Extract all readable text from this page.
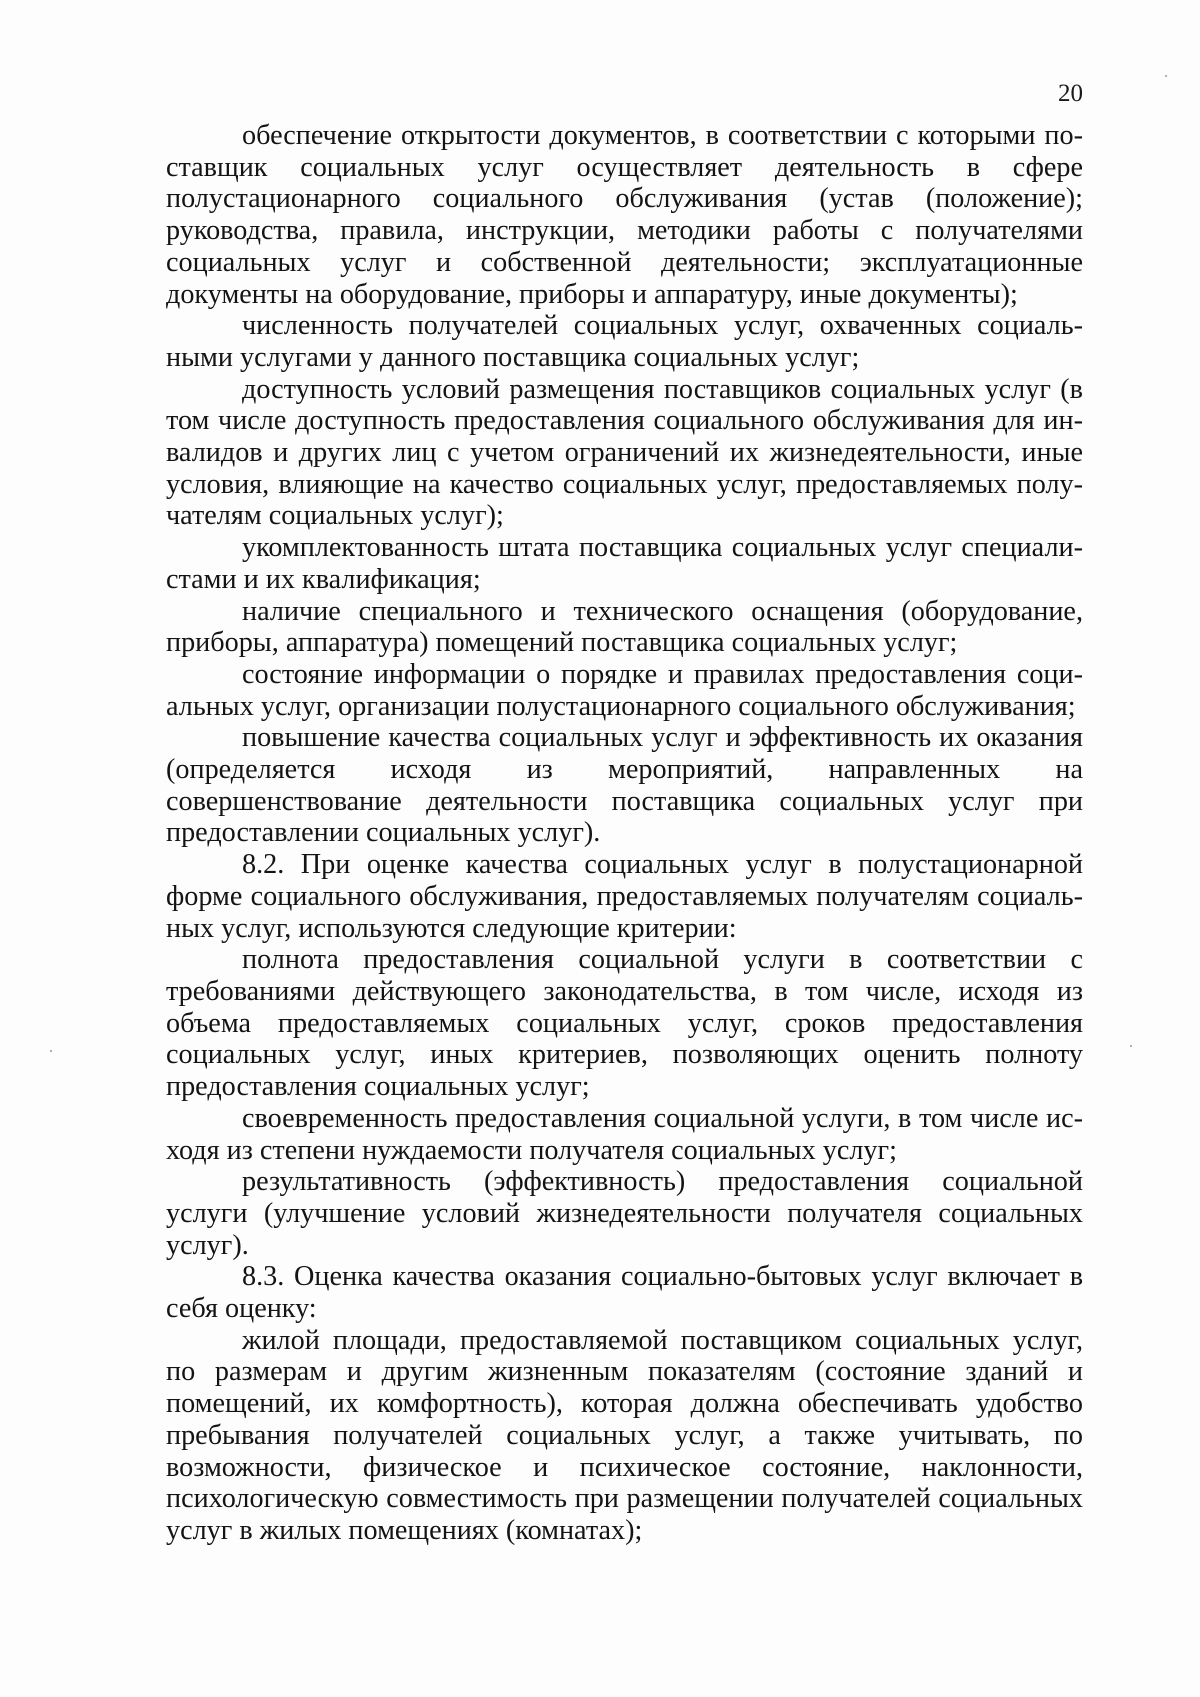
20

обеспечение открытости документов, в соответствии с которыми поставщик социальных услуг осуществляет деятельность в сфере полустационарного социального обслуживания (устав (положение); руководства, правила, инструкции, методики работы с получателями социальных услуг и собственной деятельности; эксплуатационные документы на оборудование, приборы и аппаратуру, иные документы);

численность получателей социальных услуг, охваченных социальными услугами у данного поставщика социальных услуг;

доступность условий размещения поставщиков социальных услуг (в том числе доступность предоставления социального обслуживания для инвалидов и других лиц с учетом ограничений их жизнедеятельности, иные условия, влияющие на качество социальных услуг, предоставляемых получателям социальных услуг);

укомплектованность штата поставщика социальных услуг специалистами и их квалификация;

наличие специального и технического оснащения (оборудование, приборы, аппаратура) помещений поставщика социальных услуг;

состояние информации о порядке и правилах предоставления социальных услуг, организации полустационарного социального обслуживания;

повышение качества социальных услуг и эффективность их оказания (определяется исходя из мероприятий, направленных на совершенствование деятельности поставщика социальных услуг при предоставлении социальных услуг).

8.2. При оценке качества социальных услуг в полустационарной форме социального обслуживания, предоставляемых получателям социальных услуг, используются следующие критерии:

полнота предоставления социальной услуги в соответствии с требованиями действующего законодательства, в том числе, исходя из объема предоставляемых социальных услуг, сроков предоставления социальных услуг, иных критериев, позволяющих оценить полноту предоставления социальных услуг;

своевременность предоставления социальной услуги, в том числе исходя из степени нуждаемости получателя социальных услуг;

результативность (эффективность) предоставления социальной услуги (улучшение условий жизнедеятельности получателя социальных услуг).

8.3. Оценка качества оказания социально-бытовых услуг включает в себя оценку:

жилой площади, предоставляемой поставщиком социальных услуг, по размерам и другим жизненным показателям (состояние зданий и помещений, их комфортность), которая должна обеспечивать удобство пребывания получателей социальных услуг, а также учитывать, по возможности, физическое и психическое состояние, наклонности, психологическую совместимость при размещении получателей социальных услуг в жилых помещениях (комнатах);
